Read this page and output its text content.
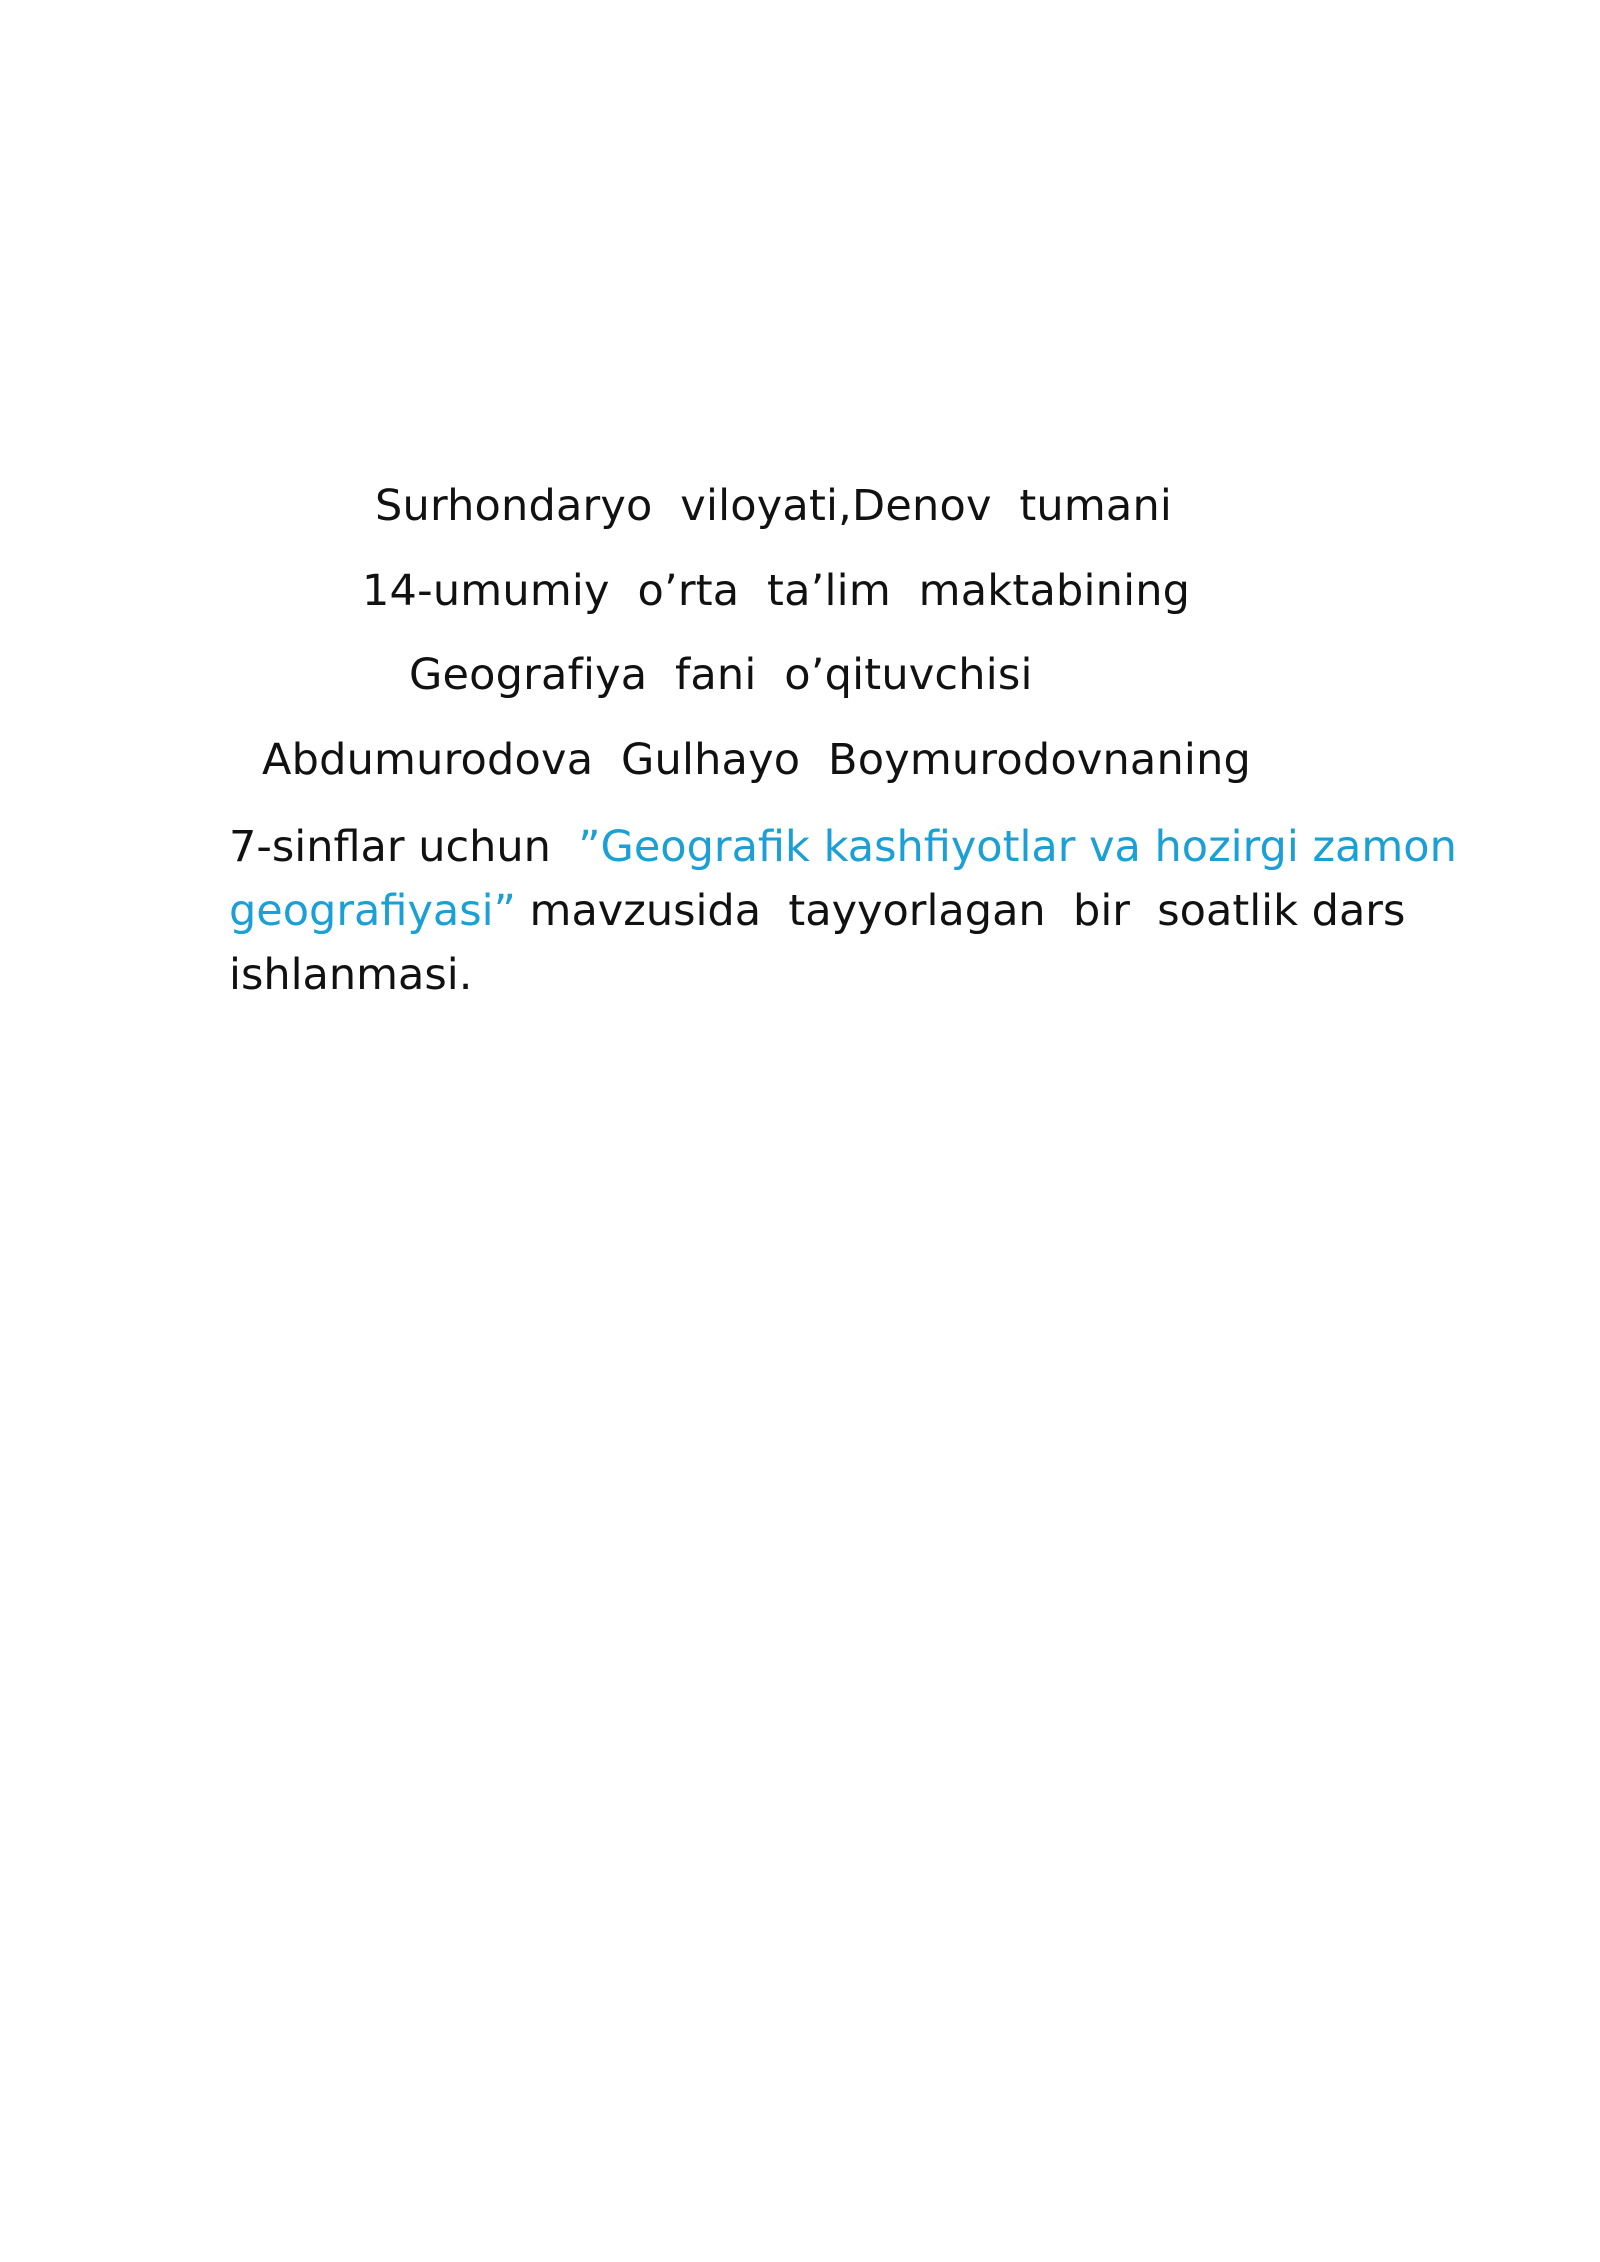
Surhondaryo  viloyati,Denov  tumani
14-umumiy  o’rta  ta’lim  maktabining
Geografiya  fani  o’qituvchisi
Abdumurodova  Gulhayo  Boymurodovnaning
7-sinflar uchun  ”Geografik kashfiyotlar va hozirgi zamon
geografiyasi” mavzusida  tayyorlagan  bir  soatlik dars
ishlanmasi.
